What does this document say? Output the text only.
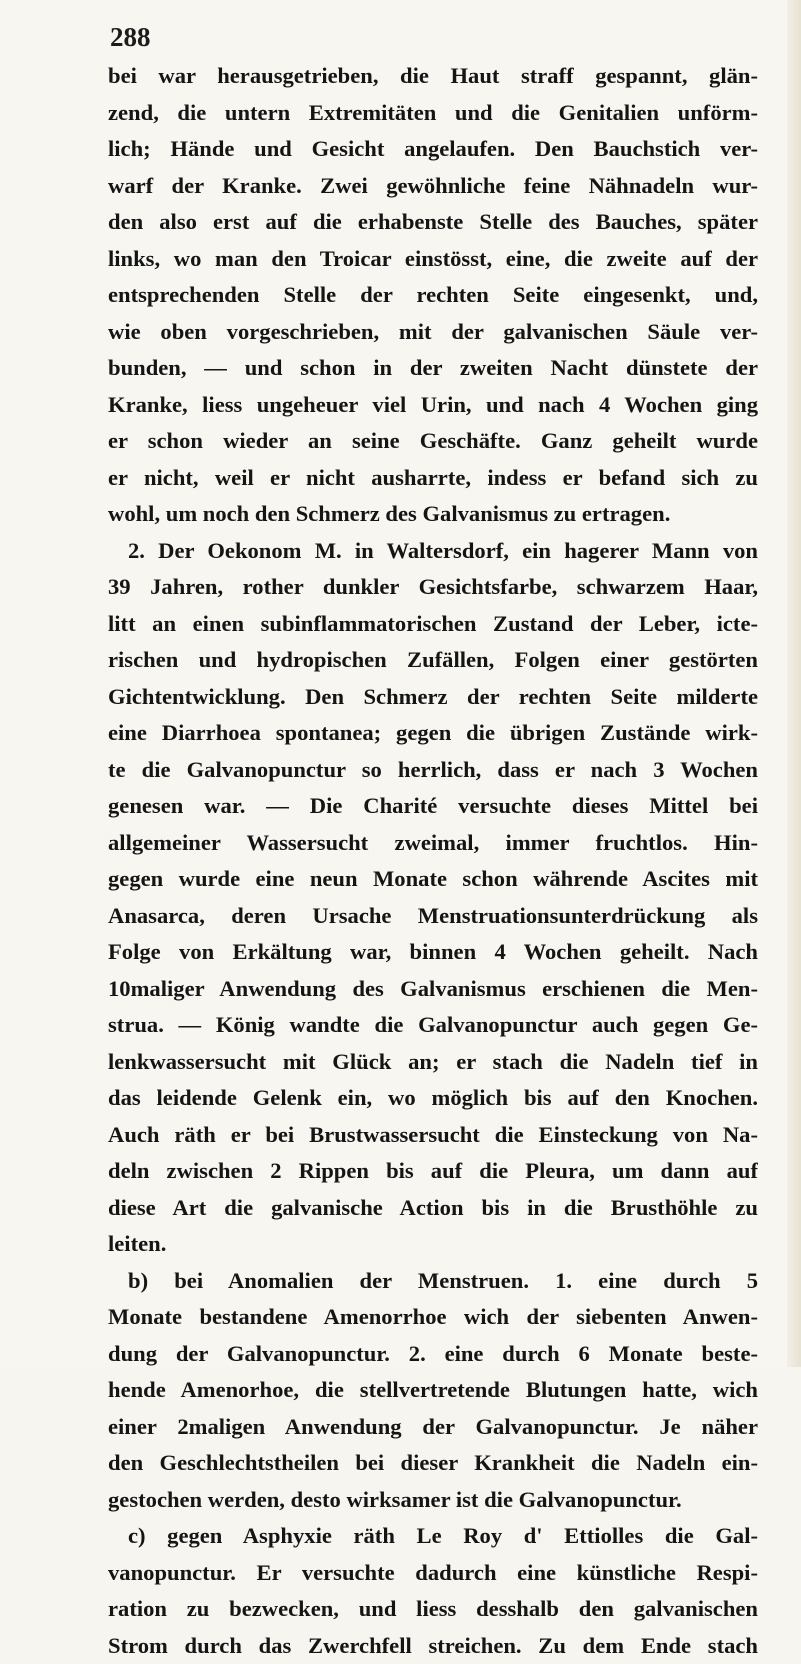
288
bei war herausgetrieben, die Haut straff gespannt, glän-
zend, die untern Extremitäten und die Genitalien unförm-
lich; Hände und Gesicht angelaufen. Den Bauchstich ver-
warf der Kranke. Zwei gewöhnliche feine Nähnadeln wur-
den also erst auf die erhabenste Stelle des Bauches, später
links, wo man den Troicar einstösst, eine, die zweite auf der
entsprechenden Stelle der rechten Seite eingesenkt, und,
wie oben vorgeschrieben, mit der galvanischen Säule ver-
bunden, — und schon in der zweiten Nacht dünstete der
Kranke, liess ungeheuer viel Urin, und nach 4 Wochen ging
er schon wieder an seine Geschäfte. Ganz geheilt wurde
er nicht, weil er nicht ausharrte, indess er befand sich zu
wohl, um noch den Schmerz des Galvanismus zu ertragen.
2. Der Oekonom M. in Waltersdorf, ein hagerer Mann von
39 Jahren, rother dunkler Gesichtsfarbe, schwarzem Haar,
litt an einen subinflammatorischen Zustand der Leber, icte-
rischen und hydropischen Zufällen, Folgen einer gestörten
Gichtentwicklung. Den Schmerz der rechten Seite milderte
eine Diarrhoea spontanea; gegen die übrigen Zustände wirk-
te die Galvanopunctur so herrlich, dass er nach 3 Wochen
genesen war. — Die Charité versuchte dieses Mittel bei
allgemeiner Wassersucht zweimal, immer fruchtlos. Hin-
gegen wurde eine neun Monate schon währende Ascites mit
Anasarca, deren Ursache Menstruationsunterdrückung als
Folge von Erkältung war, binnen 4 Wochen geheilt. Nach
10maliger Anwendung des Galvanismus erschienen die Men-
strua. — König wandte die Galvanopunctur auch gegen Ge-
lenkwassersucht mit Glück an; er stach die Nadeln tief in
das leidende Gelenk ein, wo möglich bis auf den Knochen.
Auch räth er bei Brustwassersucht die Einsteckung von Na-
deln zwischen 2 Rippen bis auf die Pleura, um dann auf
diese Art die galvanische Action bis in die Brusthöhle zu
leiten.
b) bei Anomalien der Menstruen. 1. eine durch 5
Monate bestandene Amenorrhoe wich der siebenten Anwen-
dung der Galvanopunctur. 2. eine durch 6 Monate beste-
hende Amenorhoe, die stellvertretende Blutungen hatte, wich
einer 2maligen Anwendung der Galvanopunctur. Je näher
den Geschlechtstheilen bei dieser Krankheit die Nadeln ein-
gestochen werden, desto wirksamer ist die Galvanopunctur.
c) gegen Asphyxie räth Le Roy d' Ettiolles die Gal-
vanopunctur. Er versuchte dadurch eine künstliche Respi-
ration zu bezwecken, und liess desshalb den galvanischen
Strom durch das Zwerchfell streichen. Zu dem Ende stach
